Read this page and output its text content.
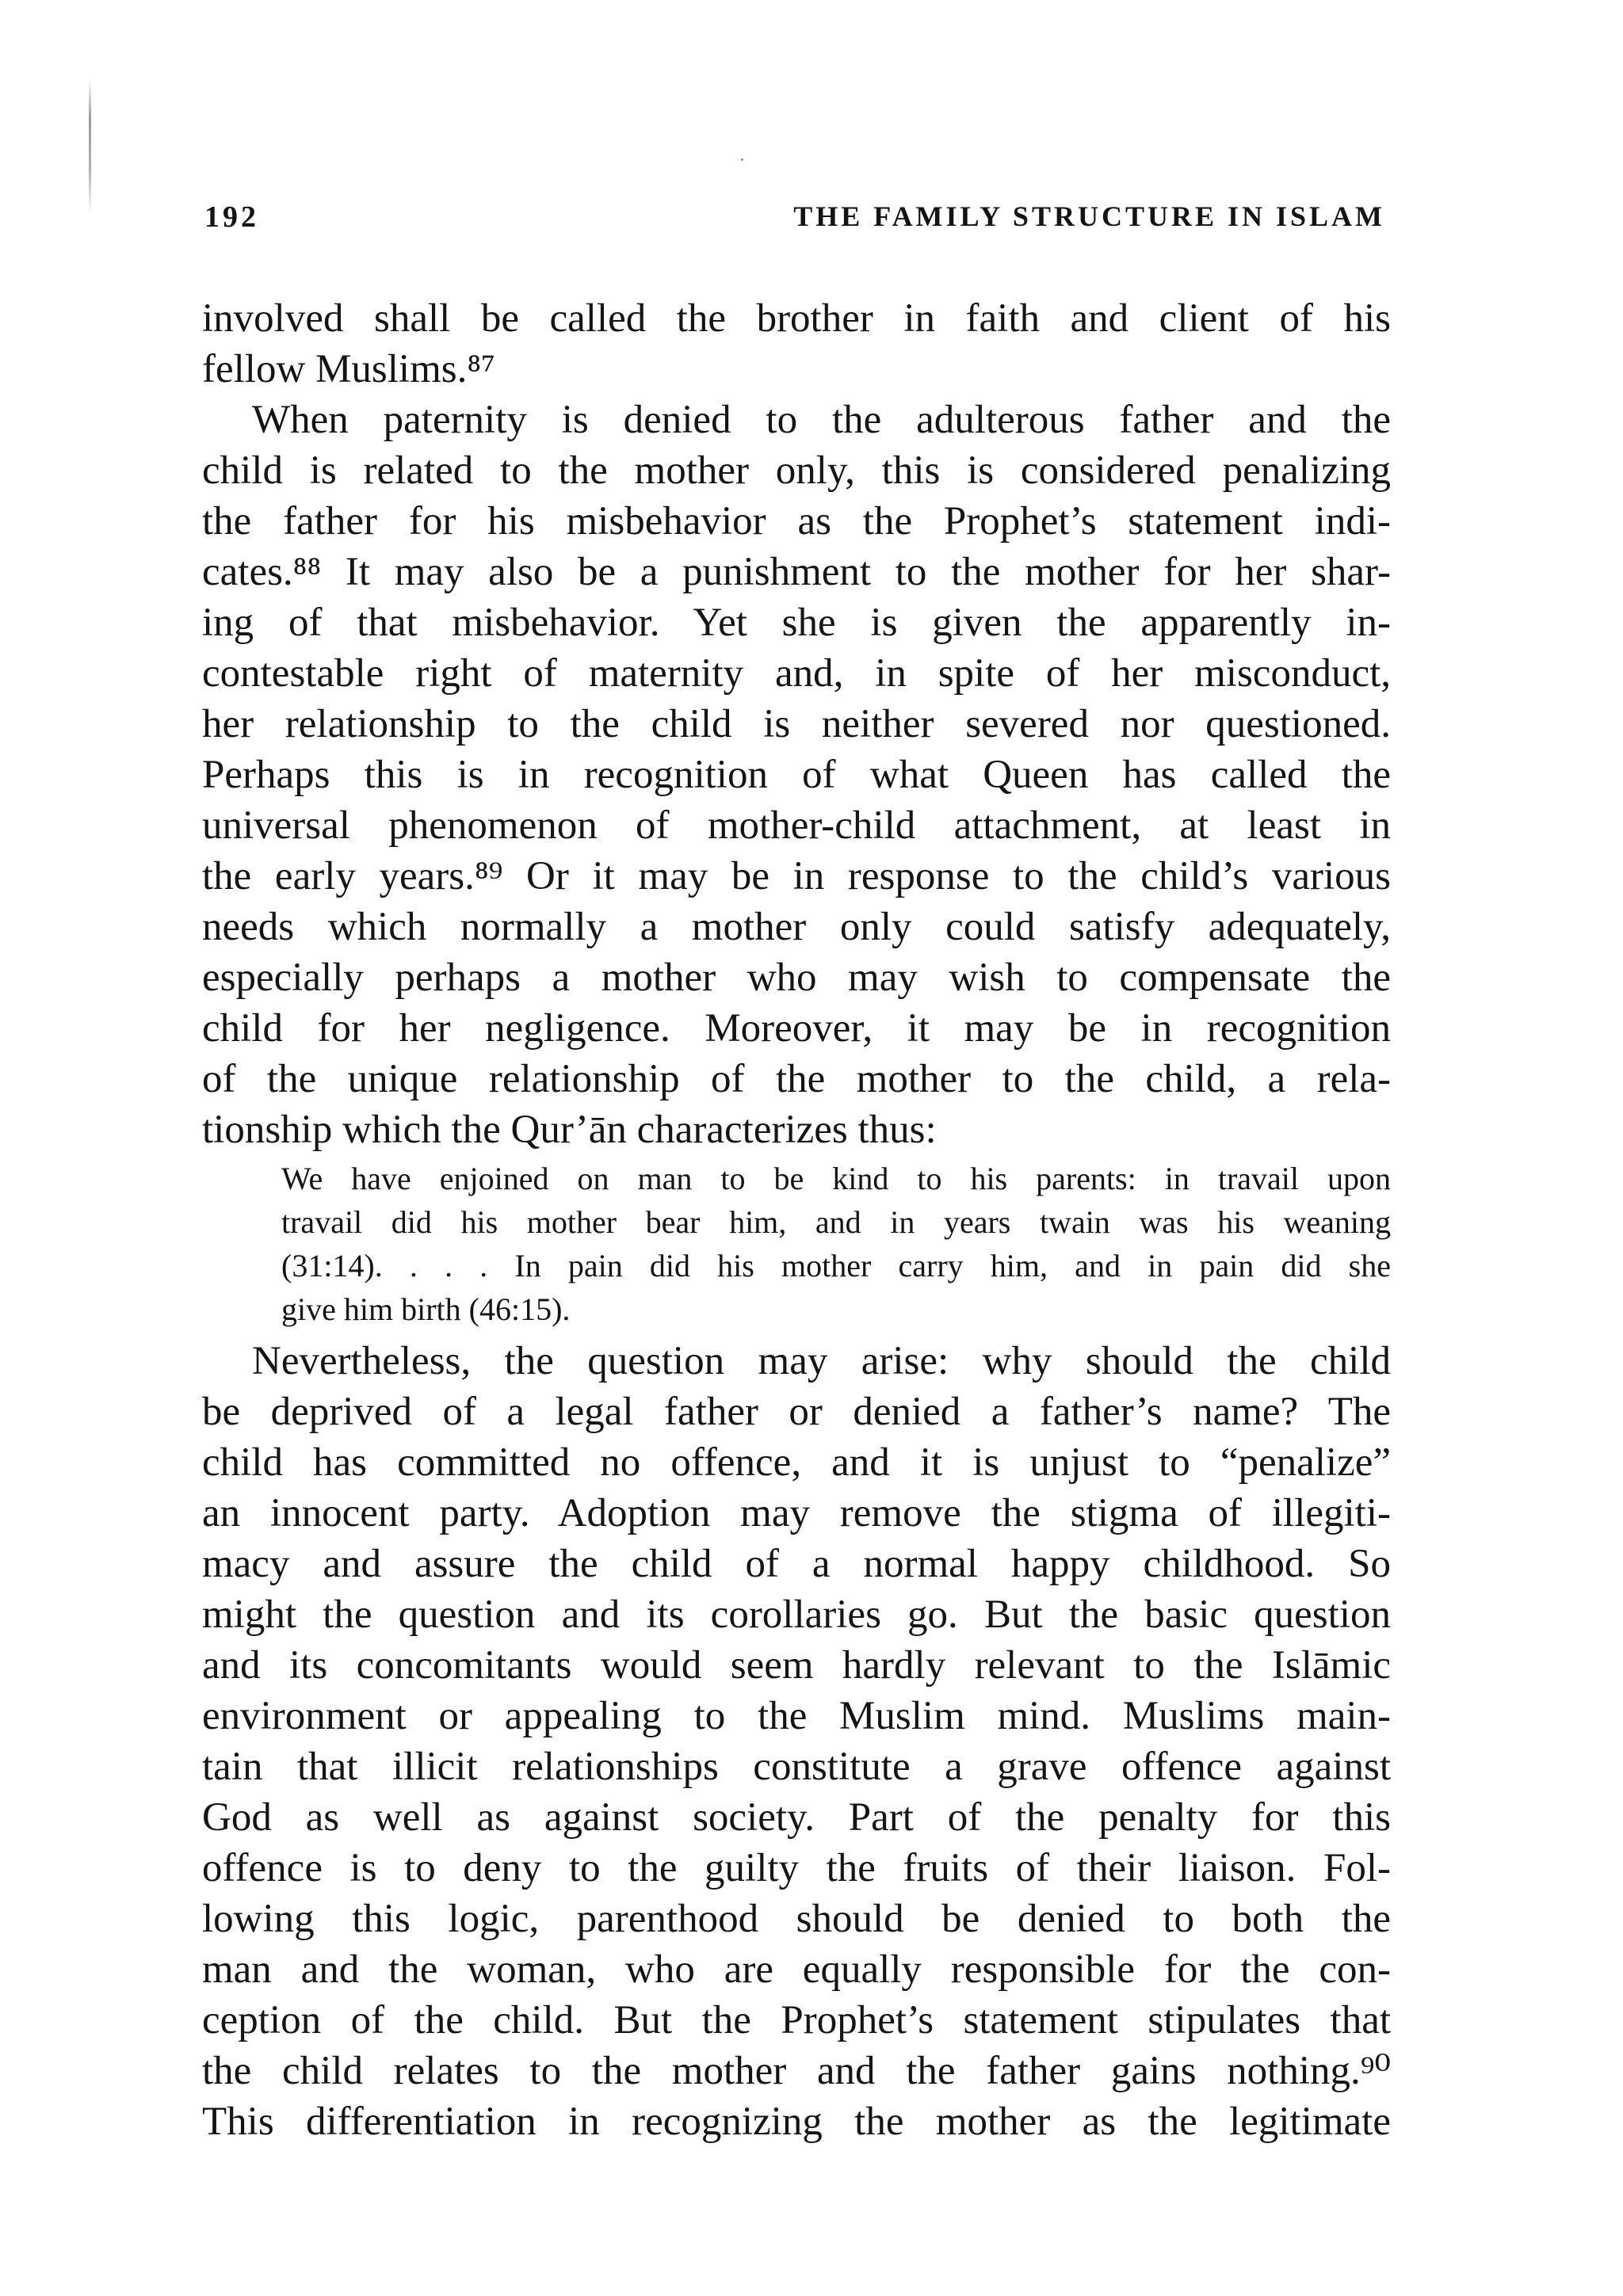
192	THE FAMILY STRUCTURE IN ISLAM
involved shall be called the brother in faith and client of his
fellow Muslims.⁸⁷
When paternity is denied to the adulterous father and the
child is related to the mother only, this is considered penalizing
the father for his misbehavior as the Prophet’s statement indi-
cates.⁸⁸ It may also be a punishment to the mother for her shar-
ing of that misbehavior. Yet she is given the apparently in-
contestable right of maternity and, in spite of her misconduct,
her relationship to the child is neither severed nor questioned.
Perhaps this is in recognition of what Queen has called the
universal phenomenon of mother-child attachment, at least in
the early years.⁸⁹ Or it may be in response to the child’s various
needs which normally a mother only could satisfy adequately,
especially perhaps a mother who may wish to compensate the
child for her negligence. Moreover, it may be in recognition
of the unique relationship of the mother to the child, a rela-
tionship which the Qur’ān characterizes thus:
We have enjoined on man to be kind to his parents: in travail upon
travail did his mother bear him, and in years twain was his weaning
(31:14). . . . In pain did his mother carry him, and in pain did she
give him birth (46:15).
Nevertheless, the question may arise: why should the child
be deprived of a legal father or denied a father’s name? The
child has committed no offence, and it is unjust to “penalize”
an innocent party. Adoption may remove the stigma of illegiti-
macy and assure the child of a normal happy childhood. So
might the question and its corollaries go. But the basic question
and its concomitants would seem hardly relevant to the Islāmic
environment or appealing to the Muslim mind. Muslims main-
tain that illicit relationships constitute a grave offence against
God as well as against society. Part of the penalty for this
offence is to deny to the guilty the fruits of their liaison. Fol-
lowing this logic, parenthood should be denied to both the
man and the woman, who are equally responsible for the con-
ception of the child. But the Prophet’s statement stipulates that
the child relates to the mother and the father gains nothing.⁹⁰
This differentiation in recognizing the mother as the legitimate
